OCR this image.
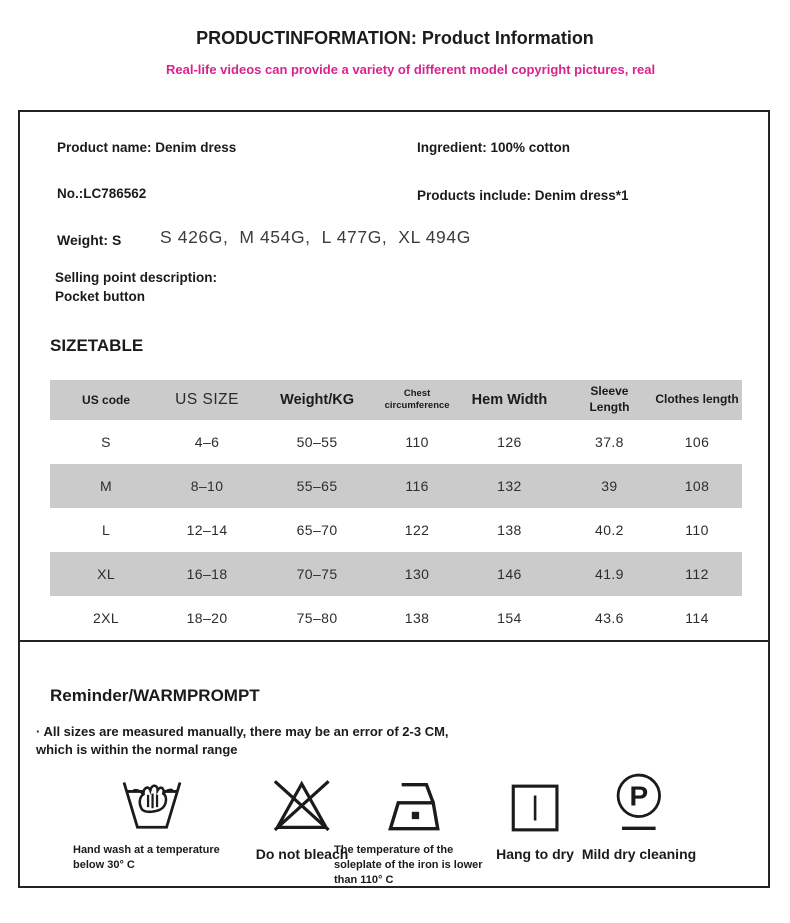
PRODUCTINFORMATION: Product Information
Real-life videos can provide a variety of different model copyright pictures, real
Product name: Denim dress	Ingredient: 100% cotton
No.:LC786562	Products include: Denim dress*1
Weight: S S 426G,  M 454G,  L 477G,  XL 494G
Selling point description:
Pocket button
SIZETABLE
US code	US SIZE	Weight/KG	Chest circumference	Hem Width	Sleeve Length	Clothes length
S	4–6	50–55	110	126	37.8	106
M	8–10	55–65	116	132	39	108
L	12–14	65–70	122	138	40.2	110
XL	16–18	70–75	130	146	41.9	112
2XL	18–20	75–80	138	154	43.6	114
Reminder/WARMPROMPT
· All sizes are measured manually, there may be an error of 2-3 CM, which is within the normal range
Hand wash at a temperature below 30° C
Do not bleach
The temperature of the soleplate of the iron is lower than 110° C
Hang to dry
P
Mild dry cleaning
